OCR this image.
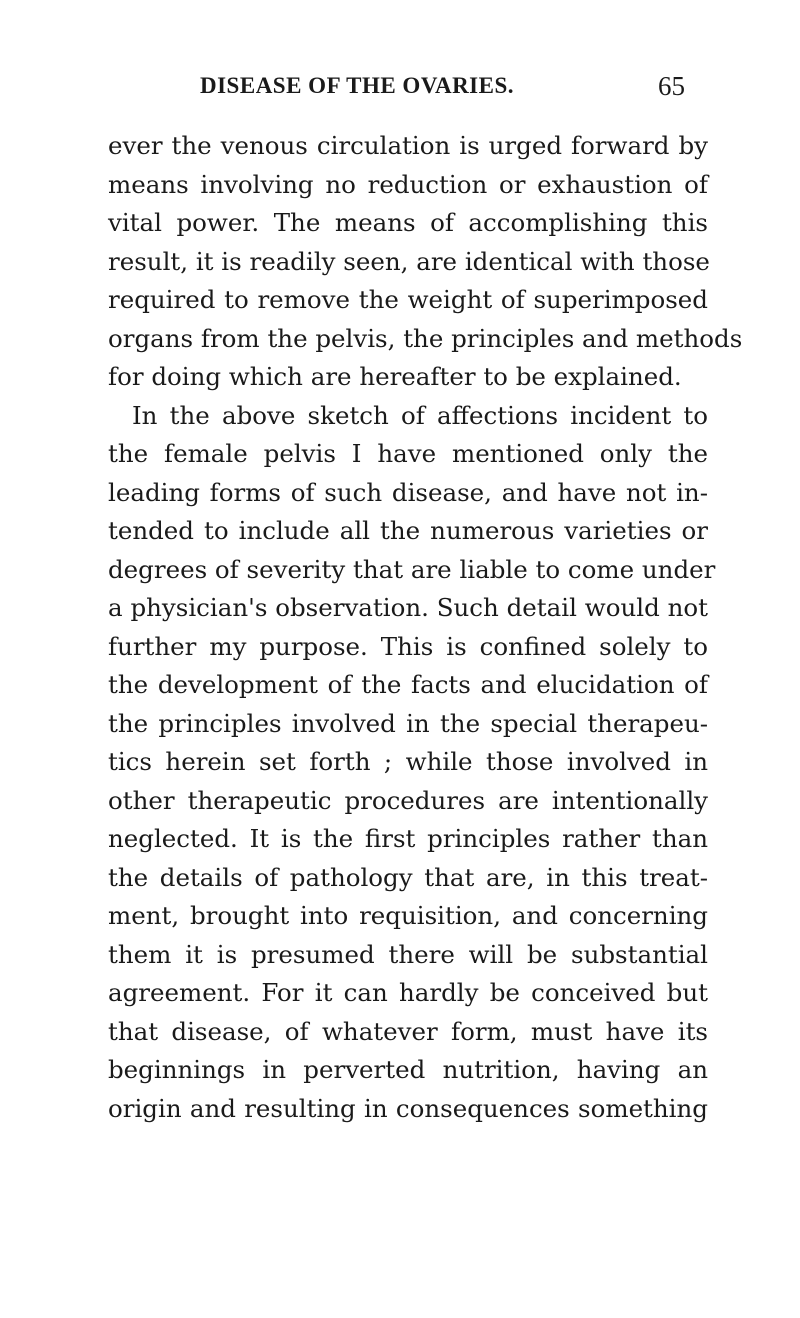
DISEASE OF THE OVARIES.	65
ever the venous circulation is urged forward by
means involving no reduction or exhaustion of
vital power. The means of accomplishing this
result, it is readily seen, are identical with those
required to remove the weight of superimposed
organs from the pelvis, the principles and methods
for doing which are hereafter to be explained.
In the above sketch of affections incident to
the female pelvis I have mentioned only the
leading forms of such disease, and have not in-
tended to include all the numerous varieties or
degrees of severity that are liable to come under
a physician's observation. Such detail would not
further my purpose. This is confined solely to
the development of the facts and elucidation of
the principles involved in the special therapeu-
tics herein set forth ; while those involved in
other therapeutic procedures are intentionally
neglected. It is the first principles rather than
the details of pathology that are, in this treat-
ment, brought into requisition, and concerning
them it is presumed there will be substantial
agreement. For it can hardly be conceived but
that disease, of whatever form, must have its
beginnings in perverted nutrition, having an
origin and resulting in consequences something
